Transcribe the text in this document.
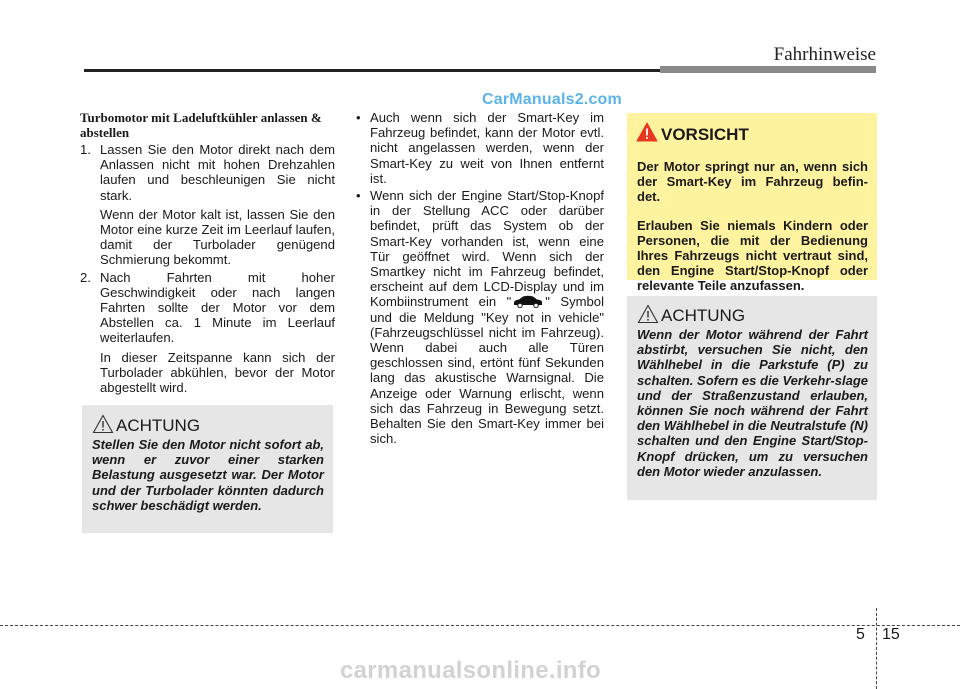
Fahrhinweise
CarManuals2.com
Turbomotor mit Ladeluftkühler anlassen & abstellen
1. Lassen Sie den Motor direkt nach dem Anlassen nicht mit hohen Drehzahlen laufen und beschleunigen Sie nicht stark.

Wenn der Motor kalt ist, lassen Sie den Motor eine kurze Zeit im Leerlauf laufen, damit der Turbolader genügend Schmierung bekommt.

2. Nach Fahrten mit hoher Geschwindigkeit oder nach langen Fahrten sollte der Motor vor dem Abstellen ca. 1 Minute im Leerlauf weiterlaufen.

In dieser Zeitspanne kann sich der Turbolader abkühlen, bevor der Motor abgestellt wird.

ACHTUNG
Stellen Sie den Motor nicht sofort ab, wenn er zuvor einer starken Belastung ausgesetzt war. Der Motor und der Turbolader könnten dadurch schwer beschädigt werden.
• Auch wenn sich der Smart-Key im Fahrzeug befindet, kann der Motor evtl. nicht angelassen werden, wenn der Smart-Key zu weit von Ihnen entfernt ist.

• Wenn sich der Engine Start/Stop-Knopf in der Stellung ACC oder darüber befindet, prüft das System ob der Smart-Key vorhanden ist, wenn eine Tür geöffnet wird. Wenn sich der Smartkey nicht im Fahrzeug befindet, erscheint auf dem LCD-Display und im Kombiinstrument ein "	" Symbol und die Meldung "Key not in vehicle" (Fahrzeugschlüssel nicht im Fahrzeug). Wenn dabei auch alle Türen geschlossen sind, ertönt fünf Sekunden lang das akustische Warnsignal. Die Anzeige oder Warnung erlischt, wenn sich das Fahrzeug in Bewegung setzt. Behalten Sie den Smart-Key immer bei sich.

VORSICHT

Der Motor springt nur an, wenn sich der Smart-Key im Fahrzeug befin-det.

Erlauben Sie niemals Kindern oder Personen, die mit der Bedienung Ihres Fahrzeugs nicht vertraut sind, den Engine Start/Stop-Knopf oder relevante Teile anzufassen.

ACHTUNG
Wenn der Motor während der Fahrt abstirbt, versuchen Sie nicht, den Wählhebel in die Parkstufe (P) zu schalten. Sofern es die Verkehr-slage und der Straßenzustand erlauben, können Sie noch während der Fahrt den Wählhebel in die Neutralstufe (N) schalten und den Engine Start/Stop-Knopf drücken, um zu versuchen den Motor wieder anzulassen.
5 15
carmanualsonline.info
